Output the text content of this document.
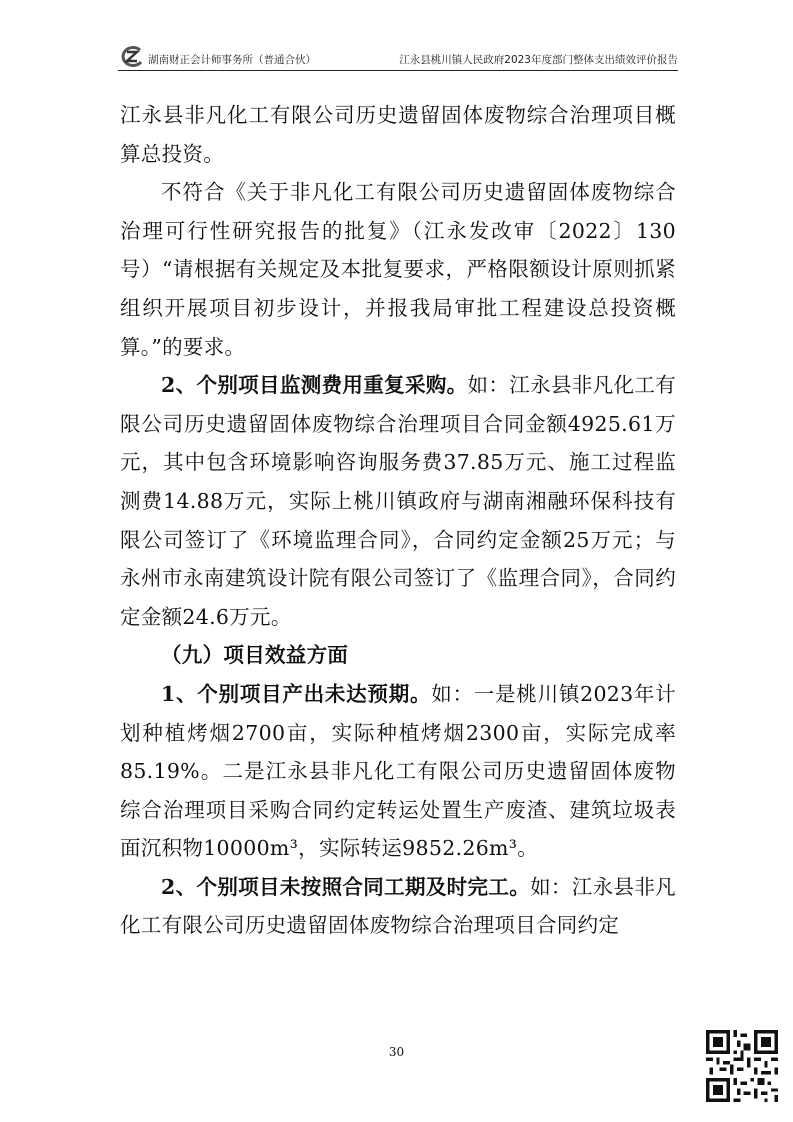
湖南财正会计师事务所（普通合伙）	江永县桃川镇人民政府2023年度部门整体支出绩效评价报告

江永县非凡化工有限公司历史遗留固体废物综合治理项目概算总投资。

不符合《关于非凡化工有限公司历史遗留固体废物综合治理可行性研究报告的批复》（江永发改审〔2022〕130号）“请根据有关规定及本批复要求，严格限额设计原则抓紧组织开展项目初步设计，并报我局审批工程建设总投资概算。”的要求。

2、个别项目监测费用重复采购。如：江永县非凡化工有限公司历史遗留固体废物综合治理项目合同金额4925.61万元，其中包含环境影响咨询服务费37.85万元、施工过程监测费14.88万元，实际上桃川镇政府与湖南湘融环保科技有限公司签订了《环境监理合同》，合同约定金额25万元；与永州市永南建筑设计院有限公司签订了《监理合同》，合同约定金额24.6万元。

（九）项目效益方面

1、个别项目产出未达预期。如：一是桃川镇2023年计划种植烤烟2700亩，实际种植烤烟2300亩，实际完成率85.19%。二是江永县非凡化工有限公司历史遗留固体废物综合治理项目采购合同约定转运处置生产废渣、建筑垃圾表面沉积物10000m³，实际转运9852.26m³。

2、个别项目未按照合同工期及时完工。如：江永县非凡化工有限公司历史遗留固体废物综合治理项目合同约定

30
